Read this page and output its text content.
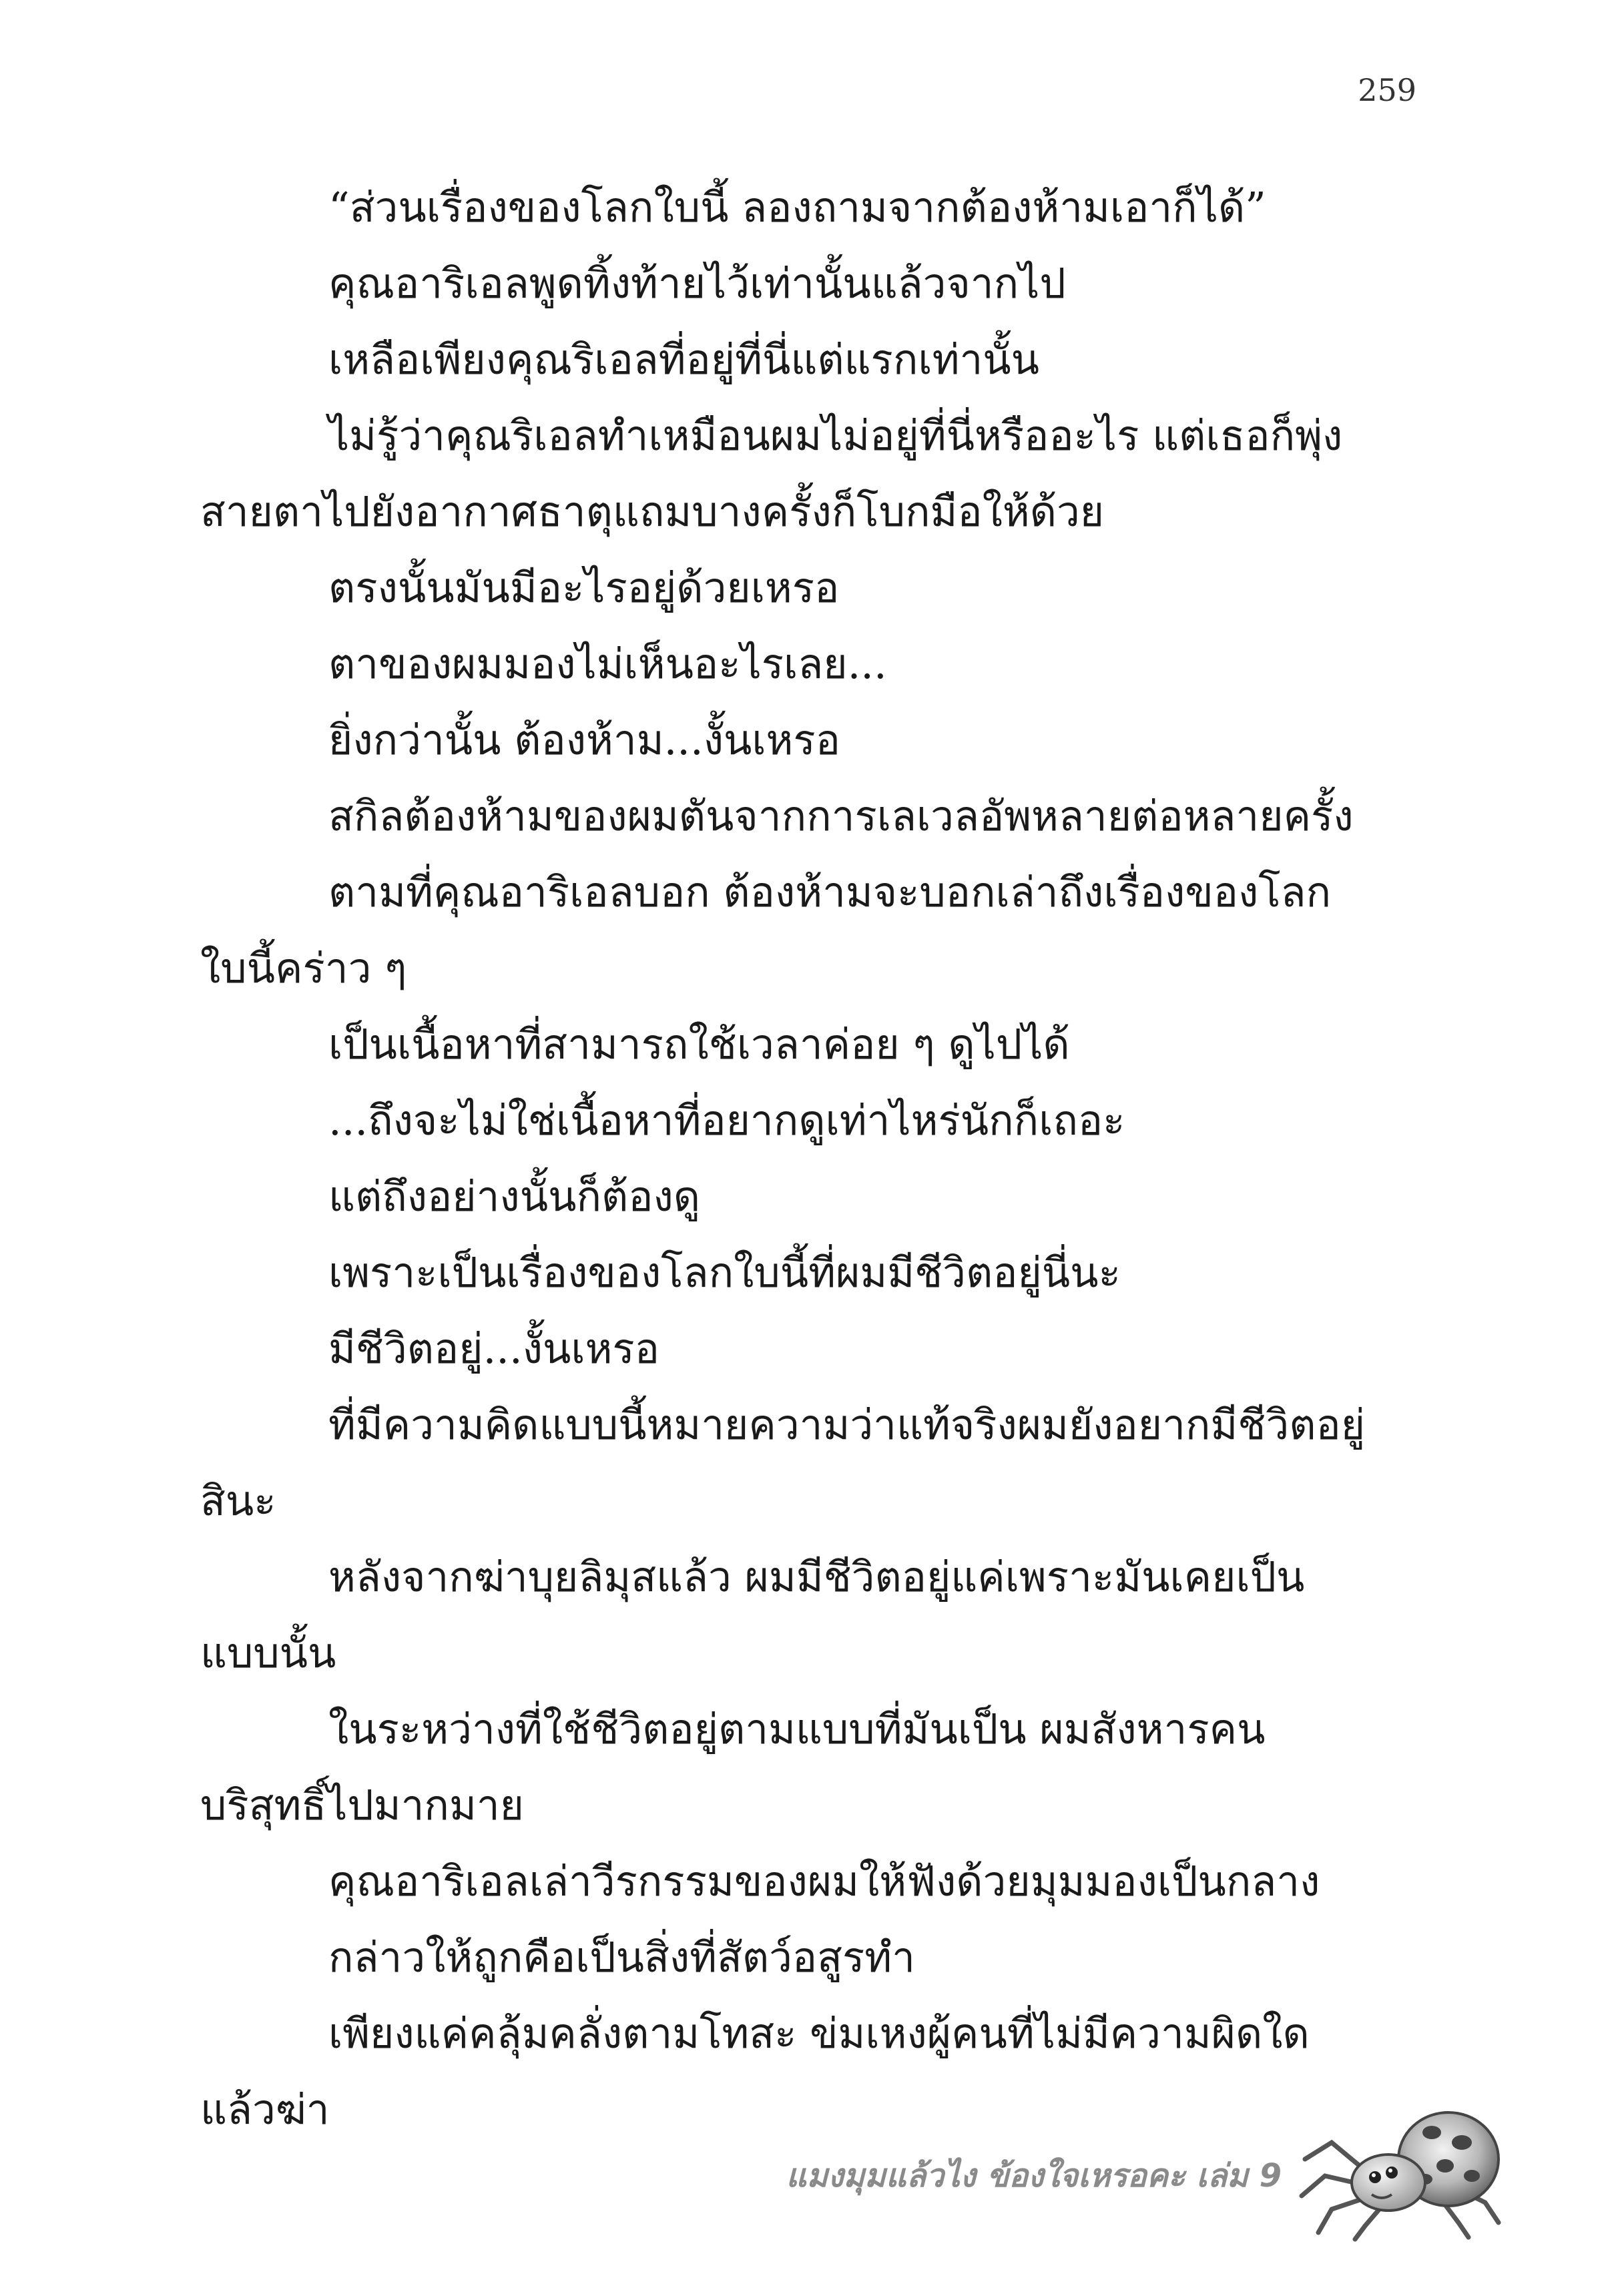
259
“ส่วนเรื่องของโลกใบนี้ ลองถามจากต้องห้ามเอาก็ได้”
คุณอาริเอลพูดทิ้งท้ายไว้เท่านั้นแล้วจากไป
เหลือเพียงคุณริเอลที่อยู่ที่นี่แต่แรกเท่านั้น
ไม่รู้ว่าคุณริเอลทำเหมือนผมไม่อยู่ที่นี่หรืออะไร แต่เธอก็พุ่ง
สายตาไปยังอากาศธาตุแถมบางครั้งก็โบกมือให้ด้วย
ตรงนั้นมันมีอะไรอยู่ด้วยเหรอ
ตาของผมมองไม่เห็นอะไรเลย...
ยิ่งกว่านั้น ต้องห้าม...งั้นเหรอ
สกิลต้องห้ามของผมตันจากการเลเวลอัพหลายต่อหลายครั้ง
ตามที่คุณอาริเอลบอก ต้องห้ามจะบอกเล่าถึงเรื่องของโลก
ใบนี้คร่าว ๆ
เป็นเนื้อหาที่สามารถใช้เวลาค่อย ๆ ดูไปได้
...ถึงจะไม่ใช่เนื้อหาที่อยากดูเท่าไหร่นักก็เถอะ
แต่ถึงอย่างนั้นก็ต้องดู
เพราะเป็นเรื่องของโลกใบนี้ที่ผมมีชีวิตอยู่นี่นะ
มีชีวิตอยู่...งั้นเหรอ
ที่มีความคิดแบบนี้หมายความว่าแท้จริงผมยังอยากมีชีวิตอยู่
สินะ
หลังจากฆ่าบุยลิมุสแล้ว ผมมีชีวิตอยู่แค่เพราะมันเคยเป็น
แบบนั้น
ในระหว่างที่ใช้ชีวิตอยู่ตามแบบที่มันเป็น ผมสังหารคน
บริสุทธิ์ไปมากมาย
คุณอาริเอลเล่าวีรกรรมของผมให้ฟังด้วยมุมมองเป็นกลาง
กล่าวให้ถูกคือเป็นสิ่งที่สัตว์อสูรทำ
เพียงแค่คลุ้มคลั่งตามโทสะ ข่มเหงผู้คนที่ไม่มีความผิดใด
แล้วฆ่า
แมงมุมแล้วไง ข้องใจเหรอคะ เล่ม 9
